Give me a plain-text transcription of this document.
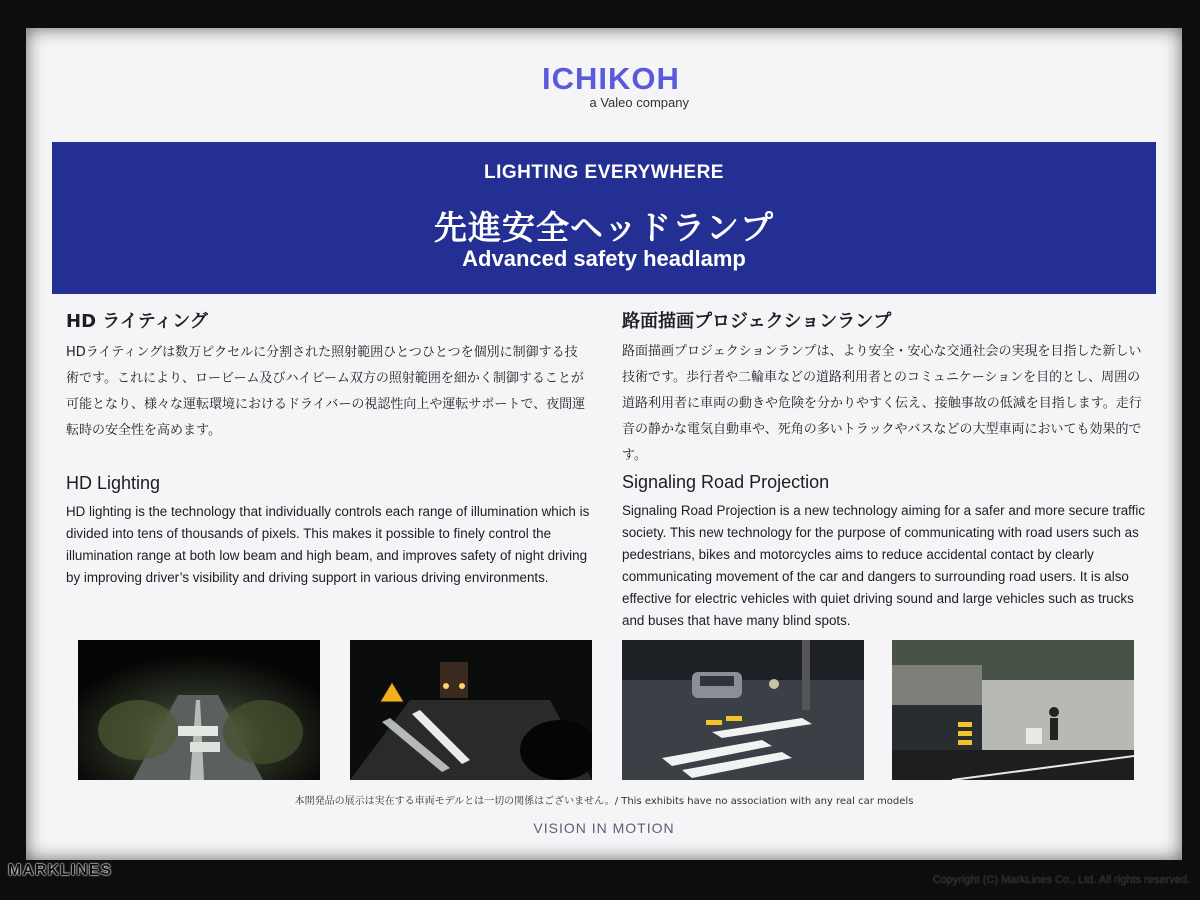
ICHIKOH
a Valeo company
LIGHTING EVERYWHERE
先進安全ヘッドランプ
Advanced safety headlamp
HD ライティング
HDライティングは数万ピクセルに分割された照射範囲ひとつひとつを個別に制御する技術です。これにより、ロービーム及びハイビーム双方の照射範囲を細かく制御することが可能となり、様々な運転環境におけるドライバーの視認性向上や運転サポートで、夜間運転時の安全性を高めます。
HD Lighting
HD lighting is the technology that individually controls each range of illumination which is divided into tens of thousands of pixels. This makes it possible to finely control the illumination range at both low beam and high beam, and improves safety of night driving by improving driver’s visibility and driving support in various driving environments.
路面描画プロジェクションランプ
路面描画プロジェクションランプは、より安全・安心な交通社会の実現を目指した新しい技術です。歩行者や二輪車などの道路利用者とのコミュニケーションを目的とし、周囲の道路利用者に車両の動きや危険を分かりやすく伝え、接触事故の低減を目指します。走行音の静かな電気自動車や、死角の多いトラックやバスなどの大型車両においても効果的です。
Signaling Road Projection
Signaling Road Projection is a new technology aiming for a safer and more secure traffic society. This new technology for the purpose of communicating with road users such as pedestrians, bikes and motorcycles aims to reduce accidental contact by clearly communicating movement of the car and dangers to surrounding road users. It is also effective for electric vehicles with quiet driving sound and large vehicles such as trucks and buses that have many blind spots.
本開発品の展示は実在する車両モデルとは一切の関係はございません。/ This exhibits have no association with any real car models
VISION IN MOTION
MARKLINES
Copyright (C) MarkLines Co., Ltd. All rights reserved.
